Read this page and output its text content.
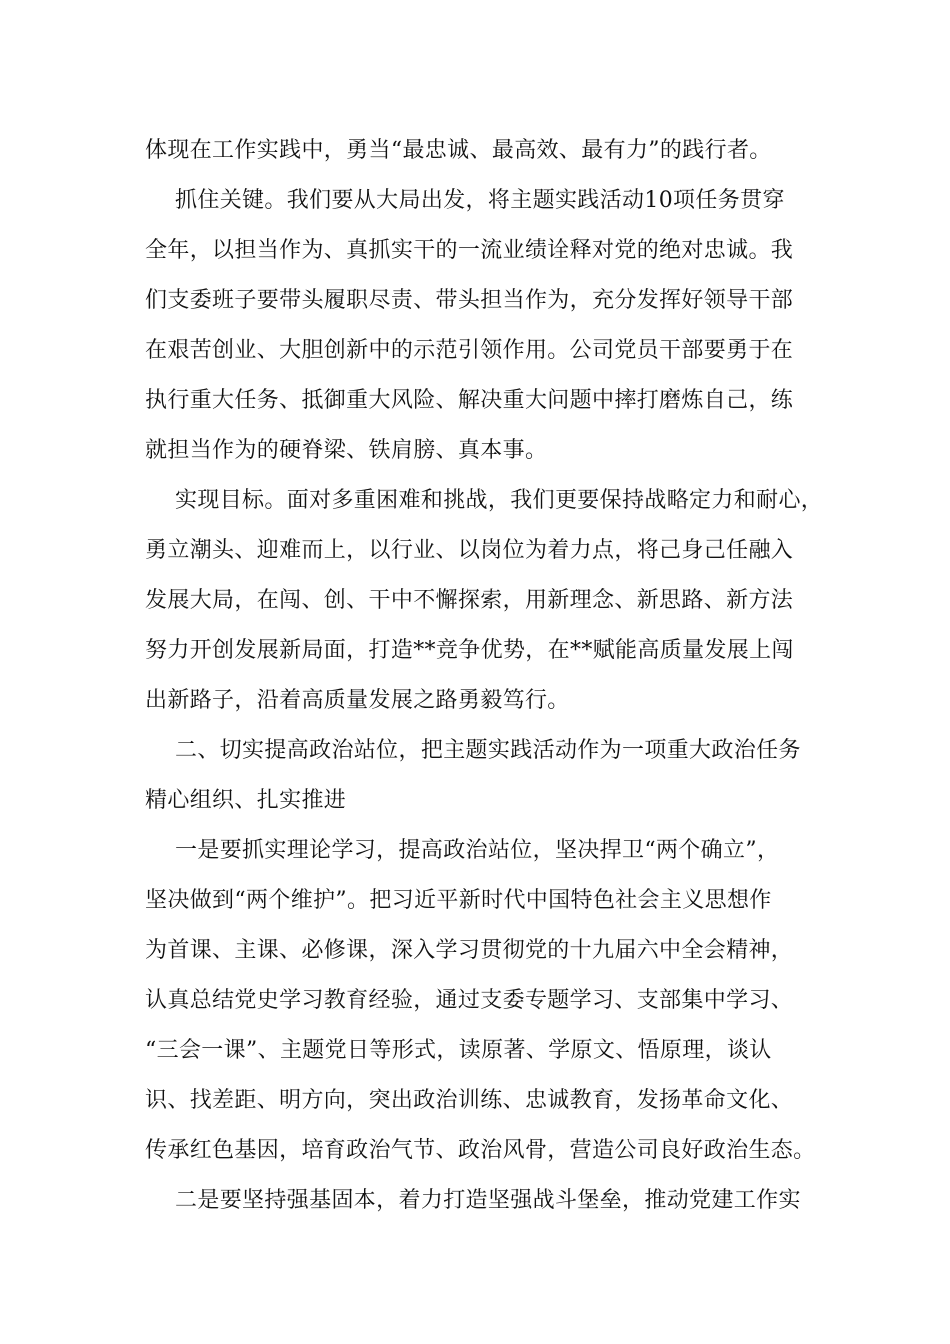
体现在工作实践中，勇当“最忠诚、最高效、最有力”的践行者。
抓住关键。我们要从大局出发，将主题实践活动10项任务贯穿
全年，以担当作为、真抓实干的一流业绩诠释对党的绝对忠诚。我
们支委班子要带头履职尽责、带头担当作为，充分发挥好领导干部
在艰苦创业、大胆创新中的示范引领作用。公司党员干部要勇于在
执行重大任务、抵御重大风险、解决重大问题中摔打磨炼自己，练
就担当作为的硬脊梁、铁肩膀、真本事。
实现目标。面对多重困难和挑战，我们更要保持战略定力和耐心，
勇立潮头、迎难而上，以行业、以岗位为着力点，将己身己任融入
发展大局，在闯、创、干中不懈探索，用新理念、新思路、新方法
努力开创发展新局面，打造**竞争优势，在**赋能高质量发展上闯
出新路子，沿着高质量发展之路勇毅笃行。
二、切实提高政治站位，把主题实践活动作为一项重大政治任务
精心组织、扎实推进
一是要抓实理论学习，提高政治站位，坚决捍卫“两个确立”，
坚决做到“两个维护”。把习近平新时代中国特色社会主义思想作
为首课、主课、必修课，深入学习贯彻党的十九届六中全会精神，
认真总结党史学习教育经验，通过支委专题学习、支部集中学习、
“三会一课”、主题党日等形式，读原著、学原文、悟原理，谈认
识、找差距、明方向，突出政治训练、忠诚教育，发扬革命文化、
传承红色基因，培育政治气节、政治风骨，营造公司良好政治生态。
二是要坚持强基固本，着力打造坚强战斗堡垒，推动党建工作实
